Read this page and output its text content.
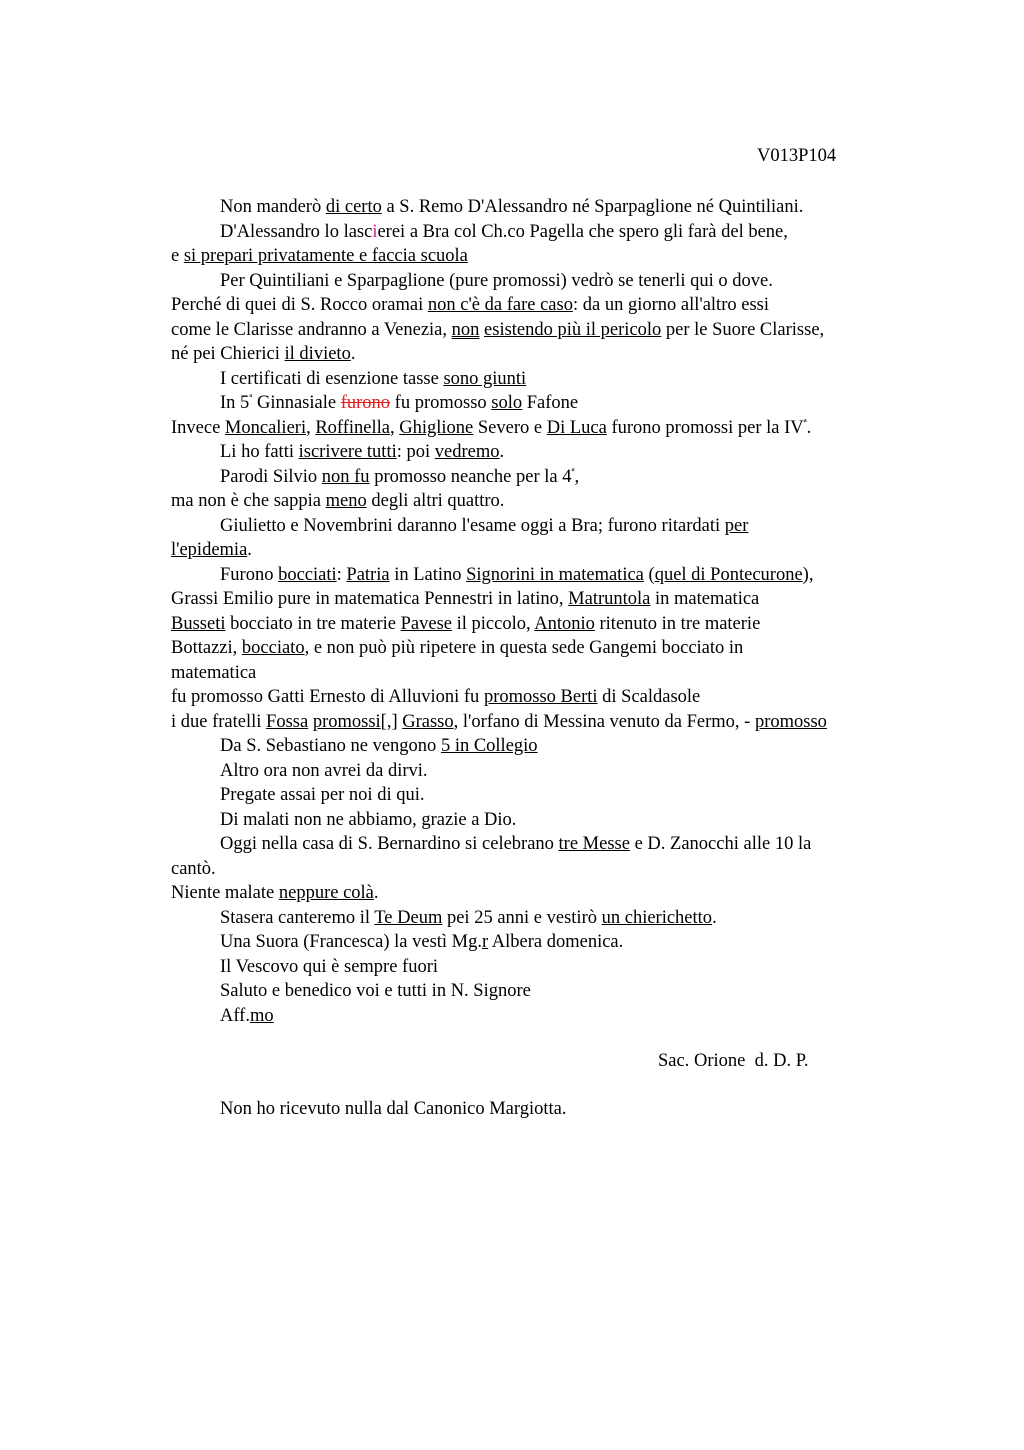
V013P104
Non manderò di certo a S. Remo D'Alessandro né Sparpaglione né Quintiliani.
D'Alessandro lo lascierei a Bra col Ch.co Pagella che spero gli farà del bene,
e si prepari privatamente e faccia scuola
Per Quintiliani e Sparpaglione (pure promossi) vedrò se tenerli qui o dove.
Perché di quei di S. Rocco oramai non c'è da fare caso: da un giorno all'altro essi
come le Clarisse andranno a Venezia, non esistendo più il pericolo per le Suore Clarisse,
né pei Chierici il divieto.
I certificati di esenzione tasse sono giunti
In $5^ª$ Ginnasiale furono fu promosso solo Fafone
Invece Moncalieri, Roffinella, Ghiglione Severo e Di Luca furono promossi per la $IV^ª$.
Li ho fatti iscrivere tutti: poi vedremo.
Parodi Silvio non fu promosso neanche per la $4^ª$,
ma non è che sappia meno degli altri quattro.
Giulietto e Novembrini daranno l'esame oggi a Bra; furono ritardati per
l'epidemia.
Furono bocciati: Patria in Latino Signorini in matematica (quel di Pontecurone),
Grassi Emilio pure in matematica Pennestri in latino, Matruntola in matematica
Busseti bocciato in tre materie Pavese il piccolo, Antonio ritenuto in tre materie
Bottazzi, bocciato, e non può più ripetere in questa sede Gangemi bocciato in
matematica
fu promosso Gatti Ernesto di Alluvioni fu promosso Berti di Scaldasole
i due fratelli Fossa promossi[,] Grasso, l'orfano di Messina venuto da Fermo, - promosso
Da S. Sebastiano ne vengono 5 in Collegio
Altro ora non avrei da dirvi.
Pregate assai per noi di qui.
Di malati non ne abbiamo, grazie a Dio.
Oggi nella casa di S. Bernardino si celebrano tre Messe e D. Zanocchi alle 10 la
cantò.
Niente malate neppure colà.
Stasera canteremo il Te Deum pei 25 anni e vestirò un chierichetto.
Una Suora (Francesca) la vestì Mg.r Albera domenica.
Il Vescovo qui è sempre fuori
Saluto e benedico voi e tutti in N. Signore
Aff.mo
Sac. Orione  d. D. P.
Non ho ricevuto nulla dal Canonico Margiotta.
